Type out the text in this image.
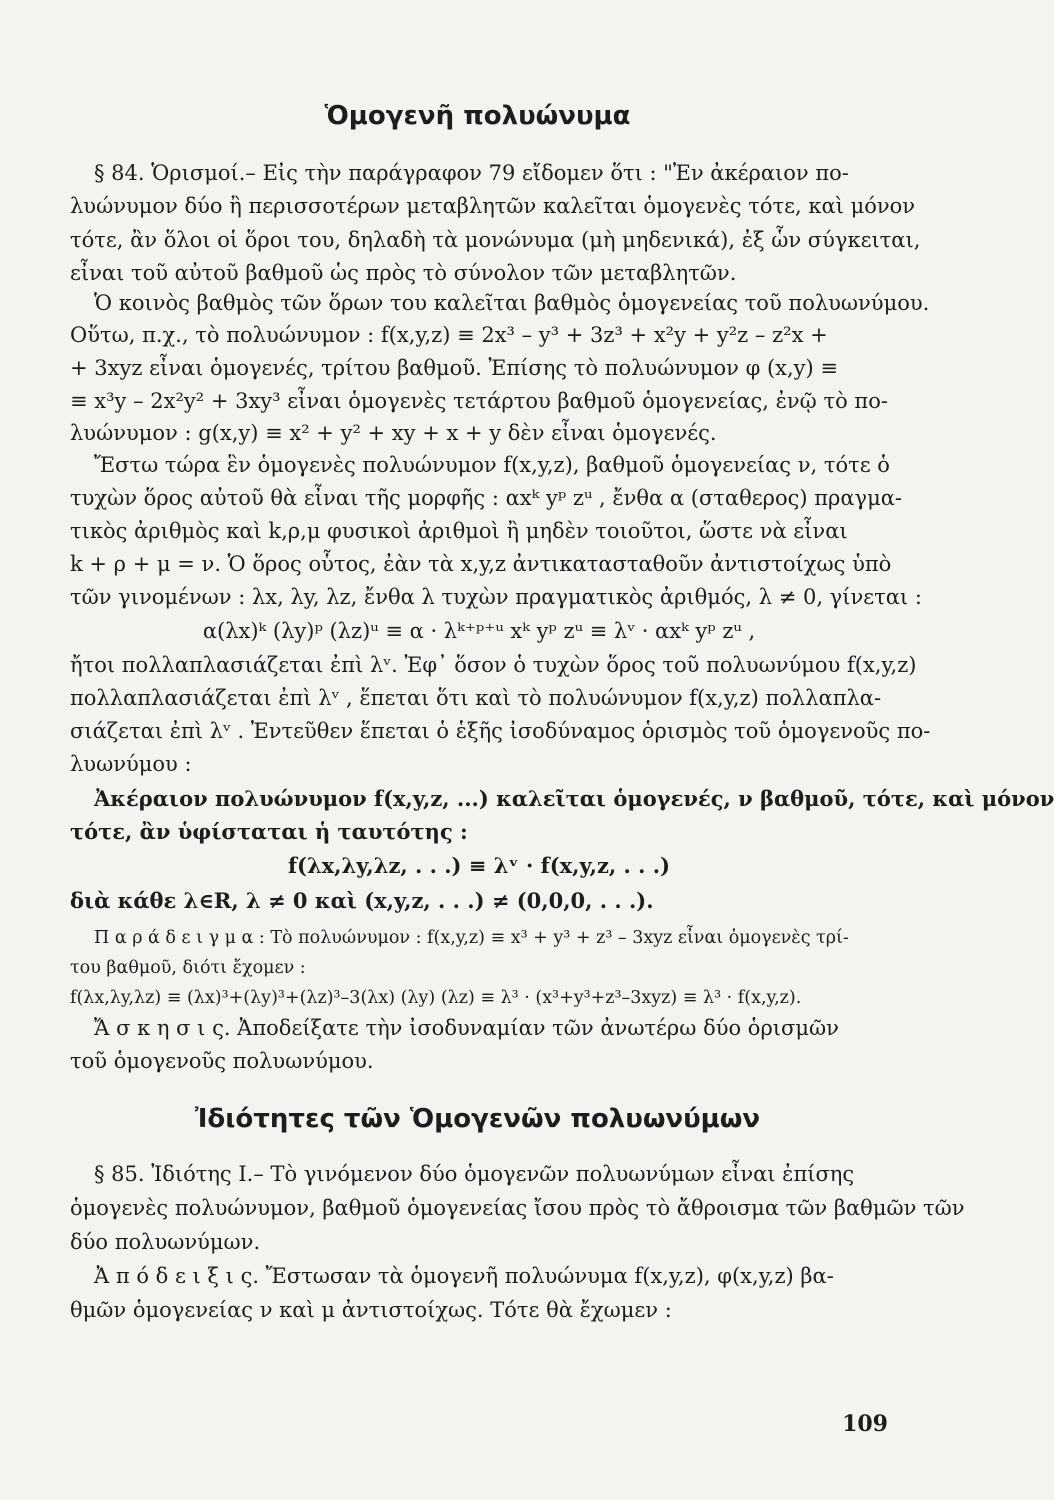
Ὁμογενῆ πολυώνυμα
§ 84. Ὁρισμοί.– Εἰς τὴν παράγραφον 79 εἴδομεν ὅτι : "Ἐν ἀκέραιον πο-
λυώνυμον δύο ἢ περισσοτέρων μεταβλητῶν καλεῖται ὁμογενὲς τότε, καὶ μόνον
τότε, ἂν ὅλοι οἱ ὅροι του, δηλαδὴ τὰ μονώνυμα (μὴ μηδενικά), ἐξ ὧν σύγκειται,
εἶναι τοῦ αὐτοῦ βαθμοῦ ὡς πρὸς τὸ σύνολον τῶν μεταβλητῶν.
Ὁ κοινὸς βαθμὸς τῶν ὅρων του καλεῖται βαθμὸς ὁμογενείας τοῦ πολυωνύμου.
Οὕτω, π.χ., τὸ πολυώνυμον : f(x,y,z) ≡ 2x³ – y³ + 3z³ + x²y + y²z – z²x +
+ 3xyz εἶναι ὁμογενές, τρίτου βαθμοῦ. Ἐπίσης τὸ πολυώνυμον φ (x,y) ≡
≡ x³y – 2x²y² + 3xy³ εἶναι ὁμογενὲς τετάρτου βαθμοῦ ὁμογενείας, ἐνῷ τὸ πο-
λυώνυμον : g(x,y) ≡ x² + y² + xy + x + y δὲν εἶναι ὁμογενές.
Ἔστω τώρα ἓν ὁμογενὲς πολυώνυμον f(x,y,z), βαθμοῦ ὁμογενείας ν, τότε ὁ
τυχὼν ὅρος αὐτοῦ θὰ εἶναι τῆς μορφῆς : αxᵏ yᵖ zᵘ , ἔνθα α (σταθερος) πραγμα-
τικὸς ἀριθμὸς καὶ k,ρ,μ φυσικοὶ ἀριθμοὶ ἢ μηδὲν τοιοῦτοι, ὥστε νὰ εἶναι
k + ρ + μ = ν. Ὁ ὅρος οὗτος, ἐὰν τὰ x,y,z ἀντικατασταθοῦν ἀντιστοίχως ὑπὸ
τῶν γινομένων : λx, λy, λz, ἔνθα λ τυχὼν πραγματικὸς ἀριθμός, λ ≠ 0, γίνεται :
α(λx)ᵏ (λy)ᵖ (λz)ᵘ ≡ α · λᵏ⁺ᵖ⁺ᵘ xᵏ yᵖ zᵘ ≡ λᵛ · αxᵏ yᵖ zᵘ ,
ἤτοι πολλαπλασιάζεται ἐπὶ λᵛ. Ἐφ᾽ ὅσον ὁ τυχὼν ὅρος τοῦ πολυωνύμου f(x,y,z)
πολλαπλασιάζεται ἐπὶ λᵛ , ἕπεται ὅτι καὶ τὸ πολυώνυμον f(x,y,z) πολλαπλα-
σιάζεται ἐπὶ λᵛ . Ἐντεῦθεν ἕπεται ὁ ἑξῆς ἰσοδύναμος ὁρισμὸς τοῦ ὁμογενοῦς πο-
λυωνύμου :
Ἀκέραιον πολυώνυμον f(x,y,z, ...) καλεῖται ὁμογενές, ν βαθμοῦ, τότε, καὶ μόνον
τότε, ἂν ὑφίσταται ἡ ταυτότης :
f(λx,λy,λz, . . .) ≡ λᵛ · f(x,y,z, . . .)
διὰ κάθε λ∈R, λ ≠ 0 καὶ (x,y,z, . . .) ≠ (0,0,0, . . .).
Π α ρ ά δ ε ι γ μ α : Τὸ πολυώνυμον : f(x,y,z) ≡ x³ + y³ + z³ – 3xyz εἶναι ὁμογενὲς τρί-
του βαθμοῦ, διότι ἔχομεν :
f(λx,λy,λz) ≡ (λx)³+(λy)³+(λz)³–3(λx) (λy) (λz) ≡ λ³ · (x³+y³+z³–3xyz) ≡ λ³ · f(x,y,z).
Ἄ σ κ η σ ι ς. Ἀποδείξατε τὴν ἰσοδυναμίαν τῶν ἀνωτέρω δύο ὁρισμῶν
τοῦ ὁμογενοῦς πολυωνύμου.
Ἰδιότητες τῶν Ὁμογενῶν πολυωνύμων
§ 85. Ἰδιότης Ι.– Τὸ γινόμενον δύο ὁμογενῶν πολυωνύμων εἶναι ἐπίσης
ὁμογενὲς πολυώνυμον, βαθμοῦ ὁμογενείας ἴσου πρὸς τὸ ἄθροισμα τῶν βαθμῶν τῶν
δύο πολυωνύμων.
Ἀ π ό δ ε ι ξ ι ς. Ἔστωσαν τὰ ὁμογενῆ πολυώνυμα f(x,y,z), φ(x,y,z) βα-
θμῶν ὁμογενείας ν καὶ μ ἀντιστοίχως. Τότε θὰ ἔχωμεν :
109
